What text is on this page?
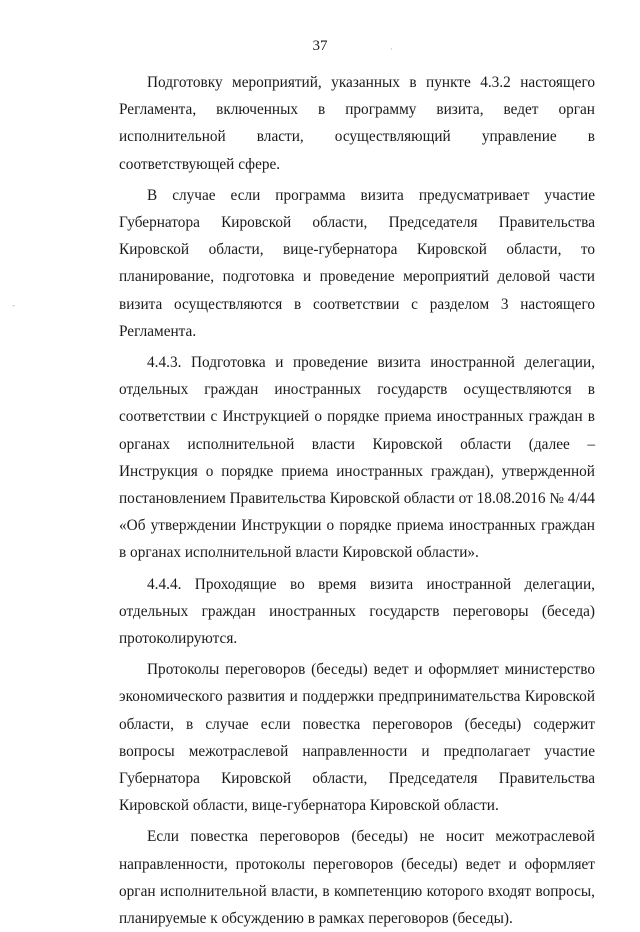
37	·
-

Подготовку мероприятий, указанных в пункте 4.3.2 настоящего Регламента, включенных в программу визита, ведет орган исполнительной власти, осуществляющий управление в соответствующей сфере.

В случае если программа визита предусматривает участие Губернатора Кировской области, Председателя Правительства Кировской области, вице-губернатора Кировской области, то планирование, подготовка и проведение мероприятий деловой части визита осуществляются в соответствии с разделом 3 настоящего Регламента.

4.4.3. Подготовка и проведение визита иностранной делегации, отдельных граждан иностранных государств осуществляются в соответствии с Инструкцией о порядке приема иностранных граждан в органах исполнительной власти Кировской области (далее – Инструкция о порядке приема иностранных граждан), утвержденной постановлением Правительства Кировской области от 18.08.2016 № 4/44 «Об утверждении Инструкции о порядке приема иностранных граждан в органах исполнительной власти Кировской области».

4.4.4. Проходящие во время визита иностранной делегации, отдельных граждан иностранных государств переговоры (беседа) протоколируются.

Протоколы переговоров (беседы) ведет и оформляет министерство экономического развития и поддержки предпринимательства Кировской области, в случае если повестка переговоров (беседы) содержит вопросы межотраслевой направленности и предполагает участие Губернатора Кировской области, Председателя Правительства Кировской области, вице-губернатора Кировской области.

Если повестка переговоров (беседы) не носит межотраслевой направленности, протоколы переговоров (беседы) ведет и оформляет орган исполнительной власти, в компетенцию которого входят вопросы, планируемые к обсуждению в рамках переговоров (беседы).
